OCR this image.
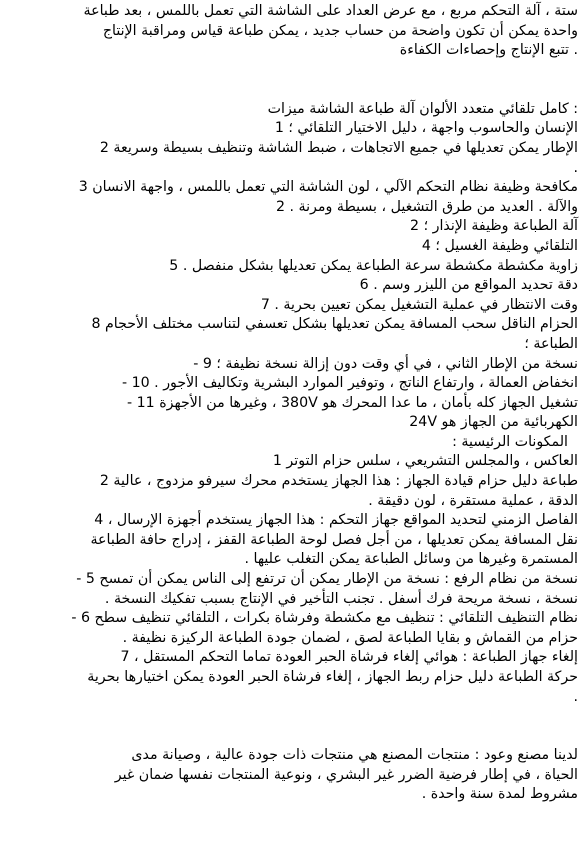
ستة ، آلة التحكم مربع ، مع عرض العداد على الشاشة التي تعمل باللمس ، بعد طباعة
واحدة يمكن أن تكون واضحة من حساب جديد ، يمكن طباعة قياس ومراقبة الإنتاج
. تتبع الإنتاج وإحصاءات الكفاءة
: كامل تلقائي متعدد الألوان آلة طباعة الشاشة ميزات
الإنسان والحاسوب واجهة ، دليل الاختيار التلقائي ؛ 1
الإطار يمكن تعديلها في جميع الاتجاهات ، ضبط الشاشة وتنظيف بسيطة وسريعة 2
.
مكافحة وظيفة نظام التحكم الآلي ، لون الشاشة التي تعمل باللمس ، واجهة الانسان 3
والآلة . العديد من طرق التشغيل ، بسيطة ومرنة . 2
آلة الطباعة وظيفة الإنذار ؛ 2
التلقائي وظيفة الغسيل ؛ 4
زاوية مكشطة مكشطة سرعة الطباعة يمكن تعديلها بشكل منفصل . 5
دقة تحديد المواقع من الليزر وسم . 6
وقت الانتظار في عملية التشغيل يمكن تعيين بحرية . 7
الحزام الناقل سحب المسافة يمكن تعديلها بشكل تعسفي لتناسب مختلف الأحجام 8
الطباعة ؛
نسخة من الإطار الثاني ، في أي وقت دون إزالة نسخة نظيفة ؛ 9 -
انخفاض العمالة ، وارتفاع الناتج ، وتوفير الموارد البشرية وتكاليف الأجور . 10 -
تشغيل الجهاز كله بأمان ، ما عدا المحرك هو 380V ، وغيرها من الأجهزة 11 -
الكهربائية من الجهاز هو 24V
المكونات الرئيسية :
العاكس ، والمجلس التشريعي ، سلس حزام التوتر 1
طباعة دليل حزام قيادة الجهاز : هذا الجهاز يستخدم محرك سيرفو مزدوج ، عالية 2
الدقة ، عملية مستقرة ، لون دقيقة .
الفاصل الزمني لتحديد المواقع جهاز التحكم : هذا الجهاز يستخدم أجهزة الإرسال ، 4
نقل المسافة يمكن تعديلها ، من أجل فصل لوحة الطباعة القفز ، إدراج حافة الطباعة
المستمرة وغيرها من وسائل الطباعة يمكن التغلب عليها .
نسخة من نظام الرفع : نسخة من الإطار يمكن أن ترتفع إلى الناس يمكن أن تمسح 5 -
نسخة ، نسخة مريحة فرك أسفل . تجنب التأخير في الإنتاج بسبب تفكيك النسخة .
نظام التنظيف التلقائي : تنظيف مع مكشطة وفرشاة بكرات ، التلقائي تنظيف سطح 6 -
حزام من القماش و بقايا الطباعة لصق ، لضمان جودة الطباعة الركيزة نظيفة .
إلغاء جهاز الطباعة : هوائي إلغاء فرشاة الحبر العودة تماما التحكم المستقل ، 7
حركة الطباعة دليل حزام ربط الجهاز ، إلغاء فرشاة الحبر العودة يمكن اختيارها بحرية
.
لدينا مصنع وعود : منتجات المصنع هي منتجات ذات جودة عالية ، وصيانة مدى
الحياة ، في إطار فرضية الضرر غير البشري ، ونوعية المنتجات نفسها ضمان غير
مشروط لمدة سنة واحدة .
